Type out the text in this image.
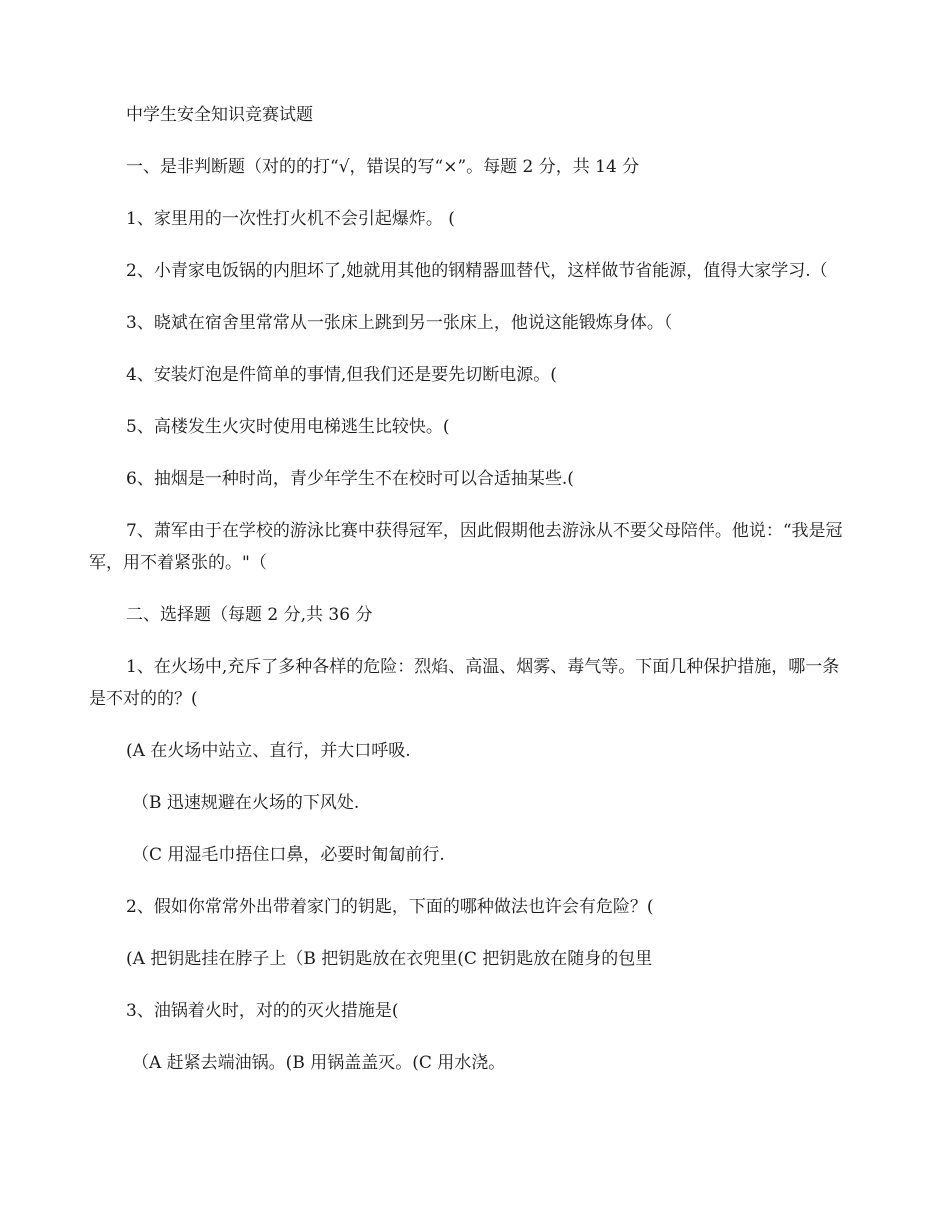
中学生安全知识竞赛试题

一、是非判断题（对的的打“√，错误的写“×”。每题 2 分，共 14 分

1、家里用的一次性打火机不会引起爆炸。 (

2、小青家电饭锅的内胆坏了,她就用其他的钢精器皿替代，这样做节省能源，值得大家学习.（

3、晓斌在宿舍里常常从一张床上跳到另一张床上，他说这能锻炼身体。（

4、安装灯泡是件简单的事情,但我们还是要先切断电源。(

5、高楼发生火灾时使用电梯逃生比较快。(

6、抽烟是一种时尚，青少年学生不在校时可以合适抽某些.(

7、萧军由于在学校的游泳比赛中获得冠军，因此假期他去游泳从不要父母陪伴。他说：“我是冠军，用不着紧张的。"（

二、选择题（每题 2 分,共 36 分

1、在火场中,充斥了多种各样的危险：烈焰、高温、烟雾、毒气等。下面几种保护措施，哪一条是不对的的？(

(A 在火场中站立、直行，并大口呼吸.

（B 迅速规避在火场的下风处.

（C 用湿毛巾捂住口鼻，必要时匍匐前行.

2、假如你常常外出带着家门的钥匙，下面的哪种做法也许会有危险？(

(A 把钥匙挂在脖子上（B 把钥匙放在衣兜里(C 把钥匙放在随身的包里

3、油锅着火时，对的的灭火措施是(

（A 赶紧去端油锅。(B 用锅盖盖灭。(C 用水浇。
